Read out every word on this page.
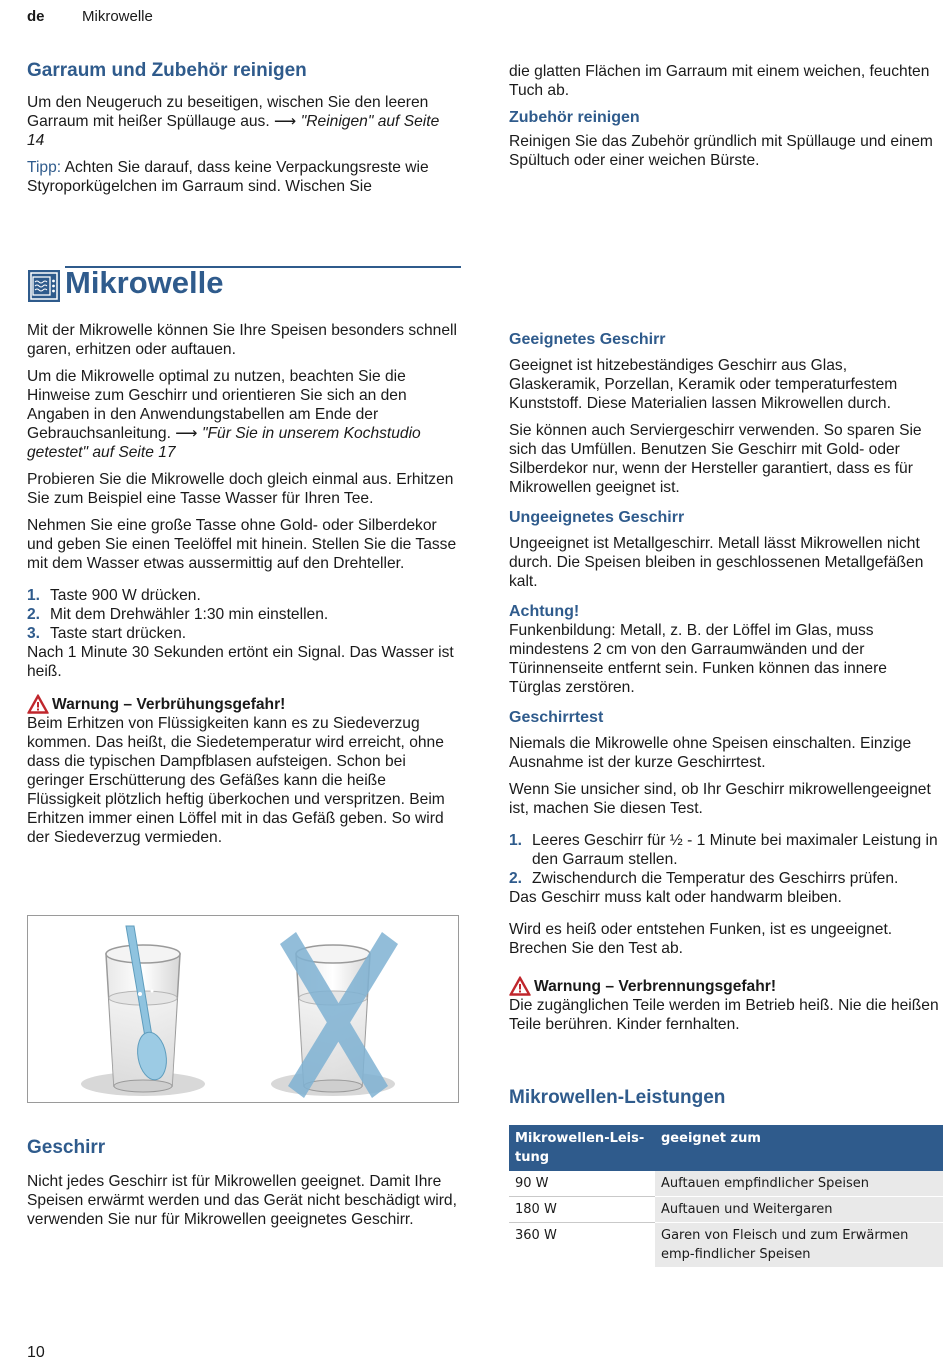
de Mikrowelle
Garraum und Zubehör reinigen

Um den Neugeruch zu beseitigen, wischen Sie den leeren Garraum mit heißer Spüllauge aus. ⟶ "Reinigen" auf Seite 14

Tipp: Achten Sie darauf, dass keine Verpackungsreste wie Styroporkügelchen im Garraum sind. Wischen Sie

die glatten Flächen im Garraum mit einem weichen, feuchten Tuch ab.

Zubehör reinigen

Reinigen Sie das Zubehör gründlich mit Spüllauge und einem Spültuch oder einer weichen Bürste.

Mikrowelle

Mit der Mikrowelle können Sie Ihre Speisen besonders schnell garen, erhitzen oder auftauen.

Um die Mikrowelle optimal zu nutzen, beachten Sie die Hinweise zum Geschirr und orientieren Sie sich an den Angaben in den Anwendungstabellen am Ende der Gebrauchsanleitung. ⟶ "Für Sie in unserem Kochstudio getestet" auf Seite 17

Probieren Sie die Mikrowelle doch gleich einmal aus. Erhitzen Sie zum Beispiel eine Tasse Wasser für Ihren Tee.

Nehmen Sie eine große Tasse ohne Gold- oder Silberdekor und geben Sie einen Teelöffel mit hinein. Stellen Sie die Tasse mit dem Wasser etwas aussermittig auf den Drehteller.

1. Taste 900 W drücken.
2. Mit dem Drehwähler 1:30 min einstellen.
3. Taste start drücken.

Nach 1 Minute 30 Sekunden ertönt ein Signal. Das Wasser ist heiß.

Warnung – Verbrühungsgefahr!

Beim Erhitzen von Flüssigkeiten kann es zu Siedeverzug kommen. Das heißt, die Siedetemperatur wird erreicht, ohne dass die typischen Dampfblasen aufsteigen. Schon bei geringer Erschütterung des Gefäßes kann die heiße Flüssigkeit plötzlich heftig überkochen und verspritzen. Beim Erhitzen immer einen Löffel mit in das Gefäß geben. So wird der Siedeverzug vermieden.

Geschirr

Nicht jedes Geschirr ist für Mikrowellen geeignet. Damit Ihre Speisen erwärmt werden und das Gerät nicht beschädigt wird, verwenden Sie nur für Mikrowellen geeignetes Geschirr.

Geeignetes Geschirr

Geeignet ist hitzebeständiges Geschirr aus Glas, Glaskeramik, Porzellan, Keramik oder temperaturfestem Kunststoff. Diese Materialien lassen Mikrowellen durch.

Sie können auch Serviergeschirr verwenden. So sparen Sie sich das Umfüllen. Benutzen Sie Geschirr mit Gold- oder Silberdekor nur, wenn der Hersteller garantiert, dass es für Mikrowellen geeignet ist.

Ungeeignetes Geschirr

Ungeeignet ist Metallgeschirr. Metall lässt Mikrowellen nicht durch. Die Speisen bleiben in geschlossenen Metallgefäßen kalt.

Achtung!

Funkenbildung: Metall, z. B. der Löffel im Glas, muss mindestens 2 cm von den Garraumwänden und der Türinnenseite entfernt sein. Funken können das innere Türglas zerstören.

Geschirrtest

Niemals die Mikrowelle ohne Speisen einschalten. Einzige Ausnahme ist der kurze Geschirrtest.

Wenn Sie unsicher sind, ob Ihr Geschirr mikrowellengeeignet ist, machen Sie diesen Test.

1. Leeres Geschirr für ½ - 1 Minute bei maximaler Leistung in den Garraum stellen.
2. Zwischendurch die Temperatur des Geschirrs prüfen.

Das Geschirr muss kalt oder handwarm bleiben.

Wird es heiß oder entstehen Funken, ist es ungeeignet. Brechen Sie den Test ab.

Warnung – Verbrennungsgefahr!

Die zugänglichen Teile werden im Betrieb heiß. Nie die heißen Teile berühren. Kinder fernhalten.

Mikrowellen-Leistungen
Mikrowellen-Leis-tung	geeignet zum
90 W	Auftauen empfindlicher Speisen
180 W	Auftauen und Weitergaren
360 W	Garen von Fleisch und zum Erwärmen emp-findlicher Speisen
10
